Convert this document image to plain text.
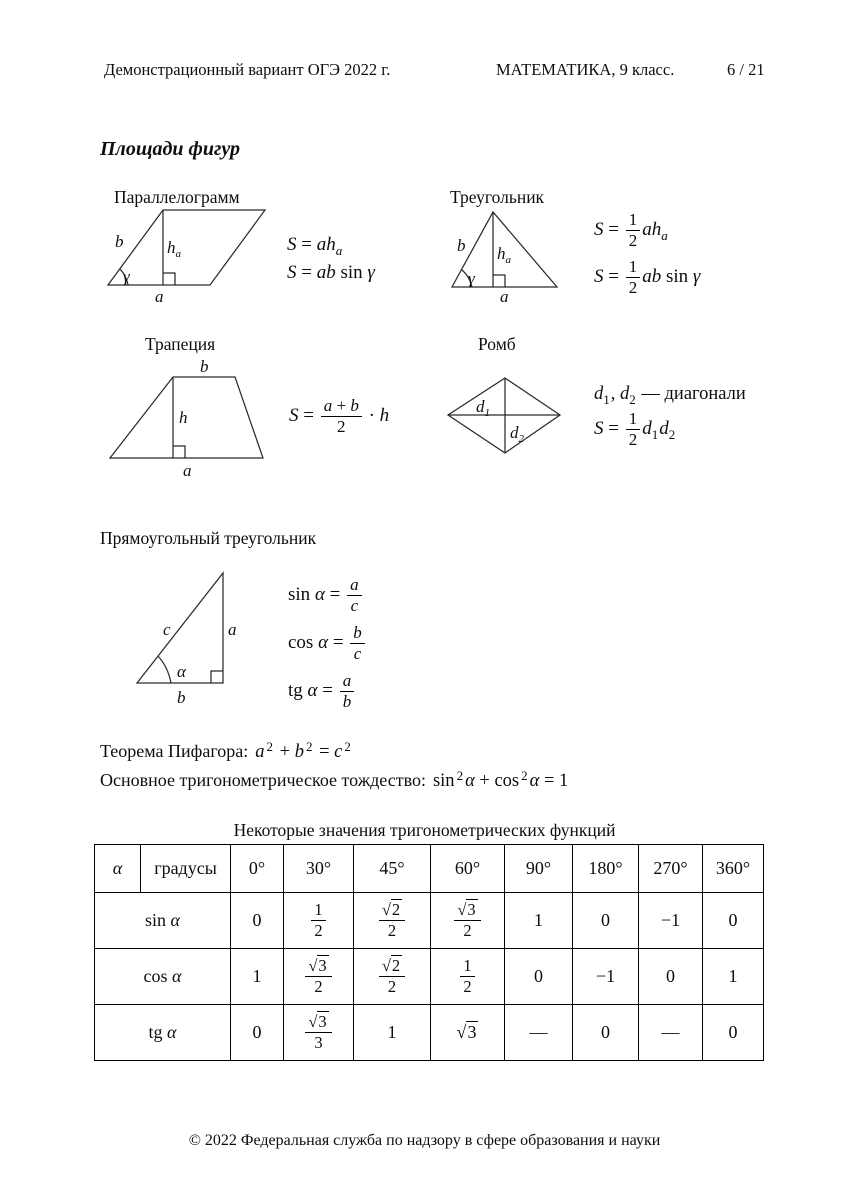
Демонстрационный вариант ОГЭ 2022 г.	МАТЕМАТИКА, 9 класс.	6 / 21
Площади фигур
Параллелограмм	Треугольник
b	$h_a$
γ
a
$S = ah_a$
S = ab sin γ
b $h_a$
γ
a
$S = \frac{1}{2} ah_a$
$S = \frac{1}{2}$ ab sin γ
Трапеция	Ромб
b
h
a
$S = \frac{a + b}{2} \cdot h$	$d_1$
$d_2$
$d_1$, $d_2$ — диагонали
$S = \frac{1}{2} d_1d_2$
Прямоугольный треугольник
c	a
α
b
$\sin \alpha = \frac{a}{c}$
$\cos \alpha = \frac{b}{c}$
tg $\alpha = \frac{a}{b}$
Теорема Пифагора: a $^2$ + b $^2$ = c $^2$
Основное тригонометрическое тождество: sin $^2$ α + cos $^2$ α = 1
Некоторые значения тригонометрических функций
α	градусы	0°	30°	45°	60°	90°	180°	270°	360°
sin α		0	$\frac{1}{2}$	$\frac{√2}{2}$	$\frac{√3}{2}$	1	0	−1	0
cos α		1	$\frac{√3}{2}$	$\frac{√2}{2}$	$\frac{1}{2}$	0	−1	0	1
tg α		0	$\frac{√3}{3}$	1	√3	—	0	—	0
© 2022 Федеральная служба по надзору в сфере образования и науки
